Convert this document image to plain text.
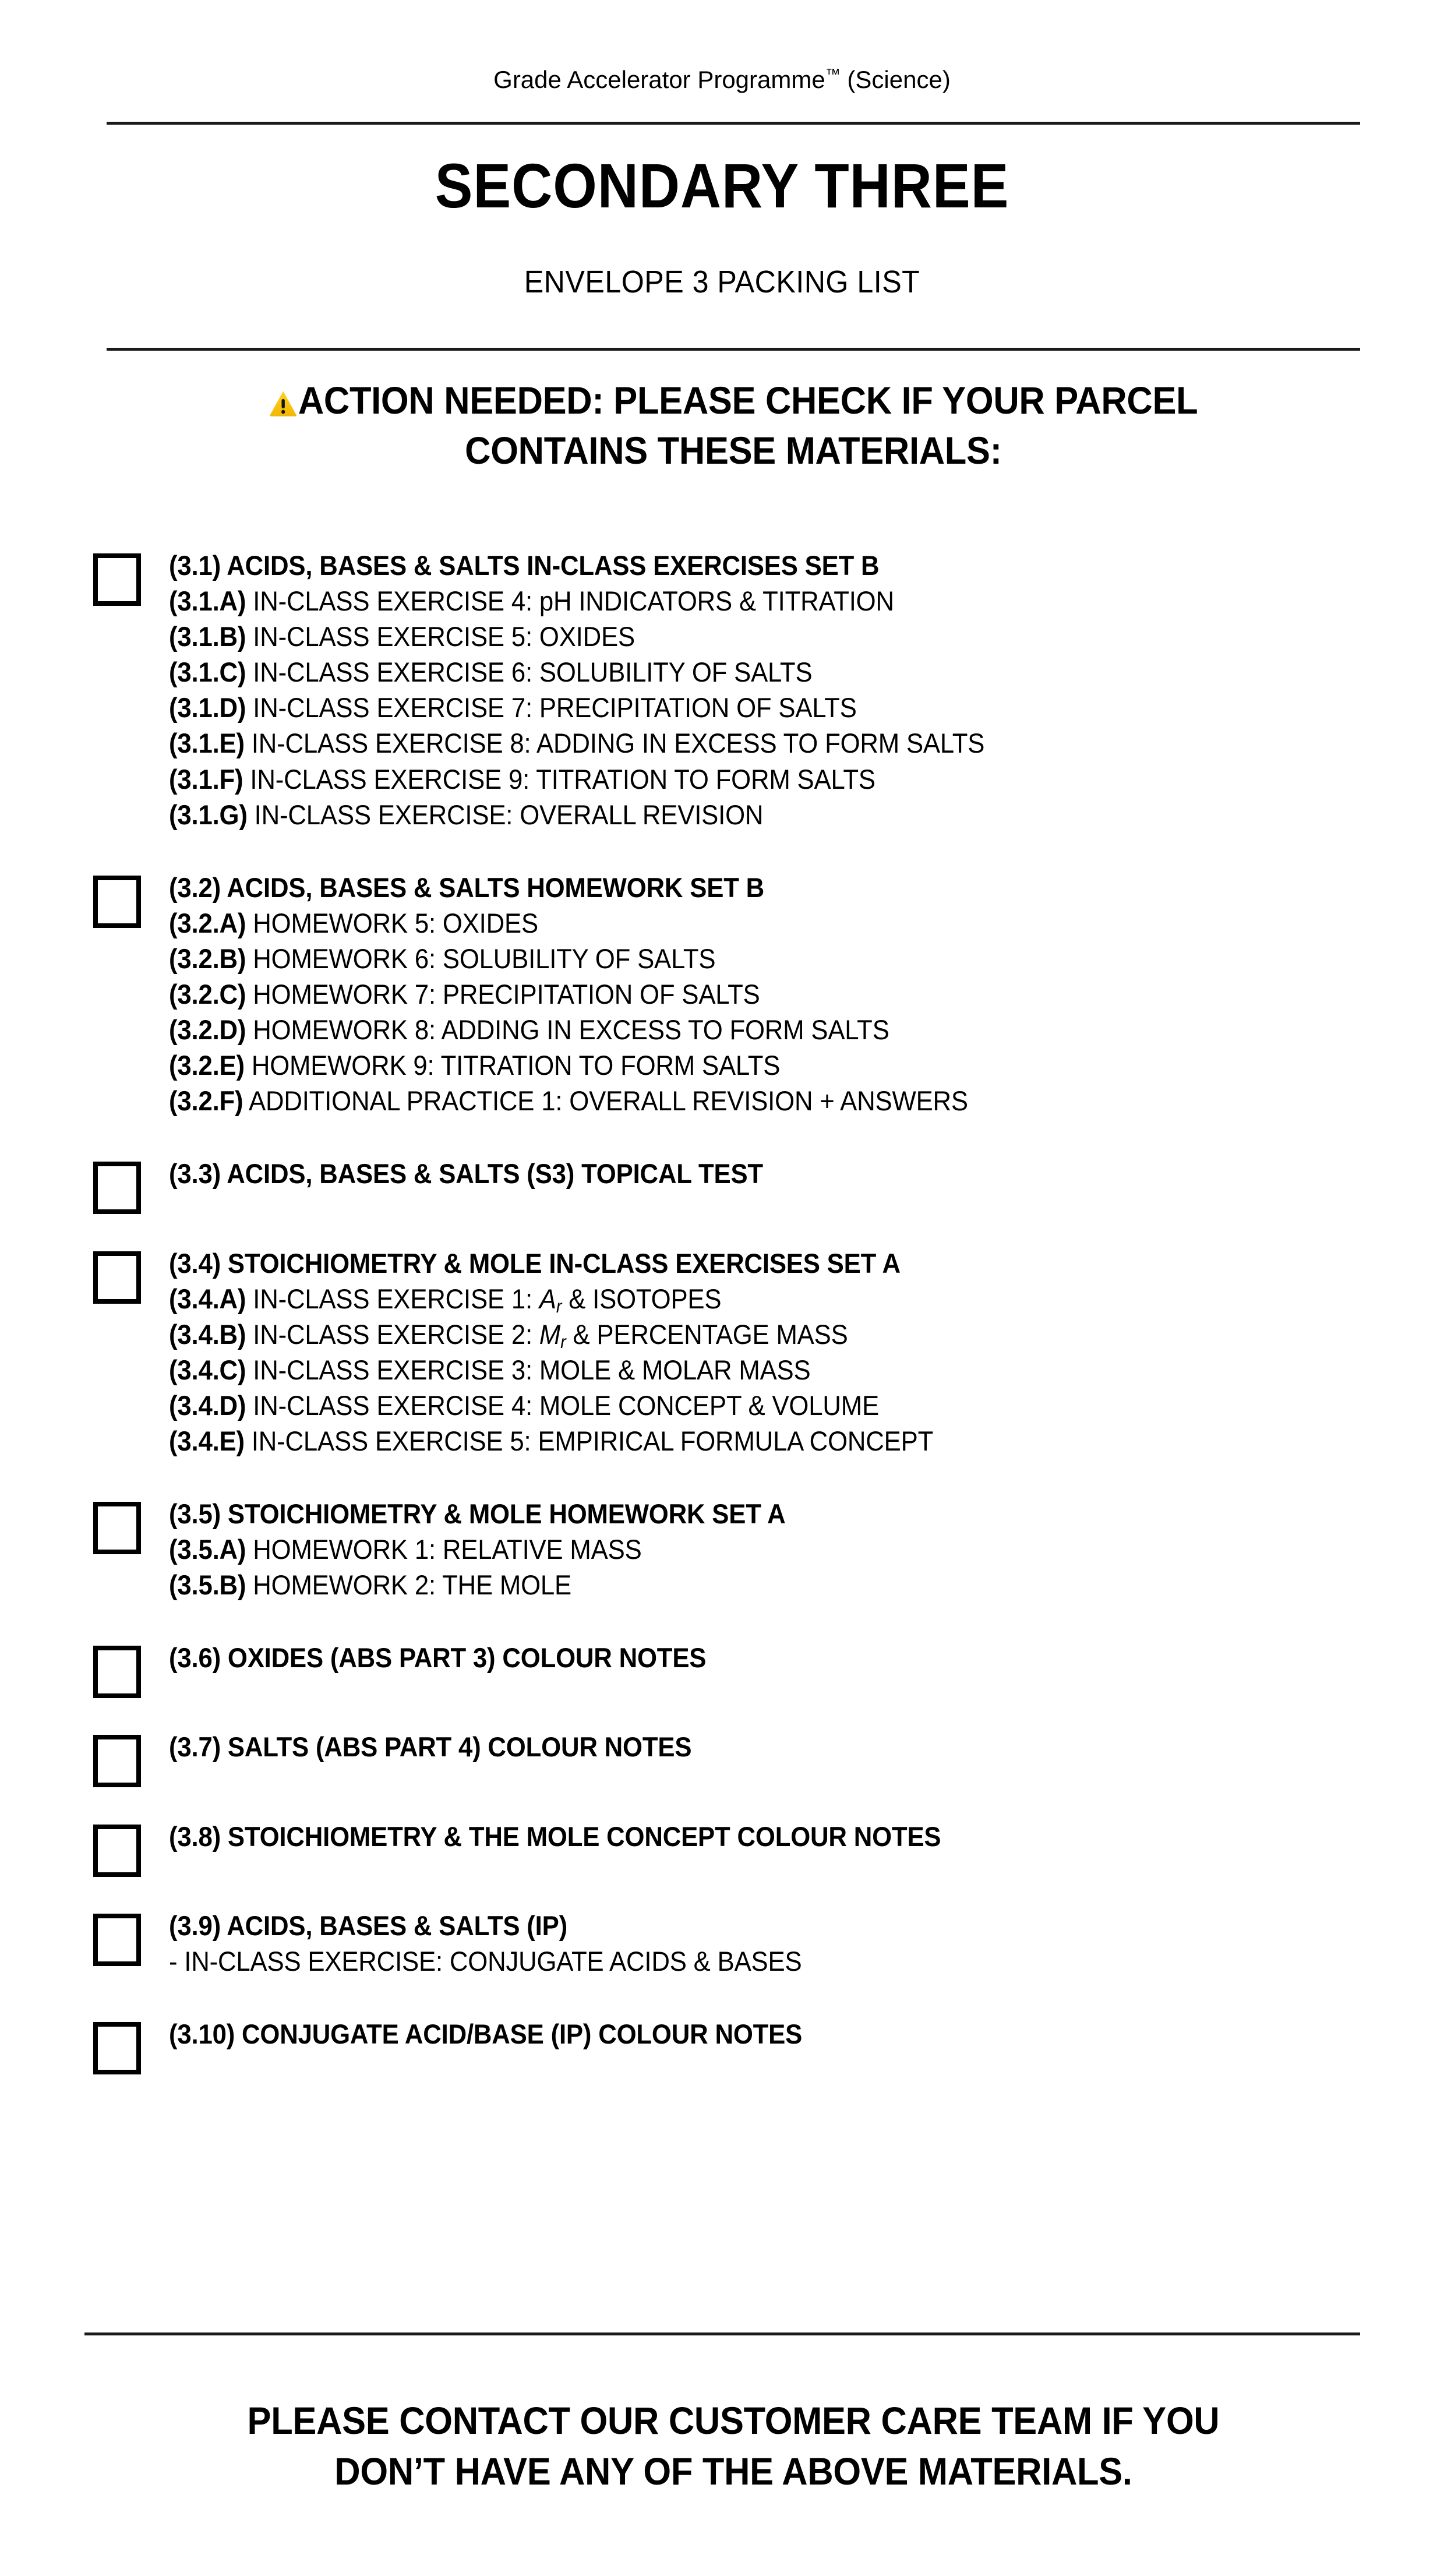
Grade Accelerator Programme™ (Science)
SECONDARY THREE
ENVELOPE 3 PACKING LIST
ACTION NEEDED: PLEASE CHECK IF YOUR PARCEL
CONTAINS THESE MATERIALS:
(3.1) ACIDS, BASES & SALTS IN-CLASS EXERCISES SET B
(3.1.A) IN-CLASS EXERCISE 4: pH INDICATORS & TITRATION
(3.1.B) IN-CLASS EXERCISE 5: OXIDES
(3.1.C) IN-CLASS EXERCISE 6: SOLUBILITY OF SALTS
(3.1.D) IN-CLASS EXERCISE 7: PRECIPITATION OF SALTS
(3.1.E) IN-CLASS EXERCISE 8: ADDING IN EXCESS TO FORM SALTS
(3.1.F) IN-CLASS EXERCISE 9: TITRATION TO FORM SALTS
(3.1.G) IN-CLASS EXERCISE: OVERALL REVISION
(3.2) ACIDS, BASES & SALTS HOMEWORK SET B
(3.2.A) HOMEWORK 5: OXIDES
(3.2.B) HOMEWORK 6: SOLUBILITY OF SALTS
(3.2.C) HOMEWORK 7: PRECIPITATION OF SALTS
(3.2.D) HOMEWORK 8: ADDING IN EXCESS TO FORM SALTS
(3.2.E) HOMEWORK 9: TITRATION TO FORM SALTS
(3.2.F) ADDITIONAL PRACTICE 1: OVERALL REVISION + ANSWERS
(3.3) ACIDS, BASES & SALTS (S3) TOPICAL TEST
(3.4) STOICHIOMETRY & MOLE IN-CLASS EXERCISES SET A
(3.4.A) IN-CLASS EXERCISE 1: $A_r$ & ISOTOPES
(3.4.B) IN-CLASS EXERCISE 2: $M_r$ & PERCENTAGE MASS
(3.4.C) IN-CLASS EXERCISE 3: MOLE & MOLAR MASS
(3.4.D) IN-CLASS EXERCISE 4: MOLE CONCEPT & VOLUME
(3.4.E) IN-CLASS EXERCISE 5: EMPIRICAL FORMULA CONCEPT
(3.5) STOICHIOMETRY & MOLE HOMEWORK SET A
(3.5.A) HOMEWORK 1: RELATIVE MASS
(3.5.B) HOMEWORK 2: THE MOLE
(3.6) OXIDES (ABS PART 3) COLOUR NOTES
(3.7) SALTS (ABS PART 4) COLOUR NOTES
(3.8) STOICHIOMETRY & THE MOLE CONCEPT COLOUR NOTES
(3.9) ACIDS, BASES & SALTS (IP)
- IN-CLASS EXERCISE: CONJUGATE ACIDS & BASES
(3.10) CONJUGATE ACID/BASE (IP) COLOUR NOTES
PLEASE CONTACT OUR CUSTOMER CARE TEAM IF YOU
DON’T HAVE ANY OF THE ABOVE MATERIALS.
